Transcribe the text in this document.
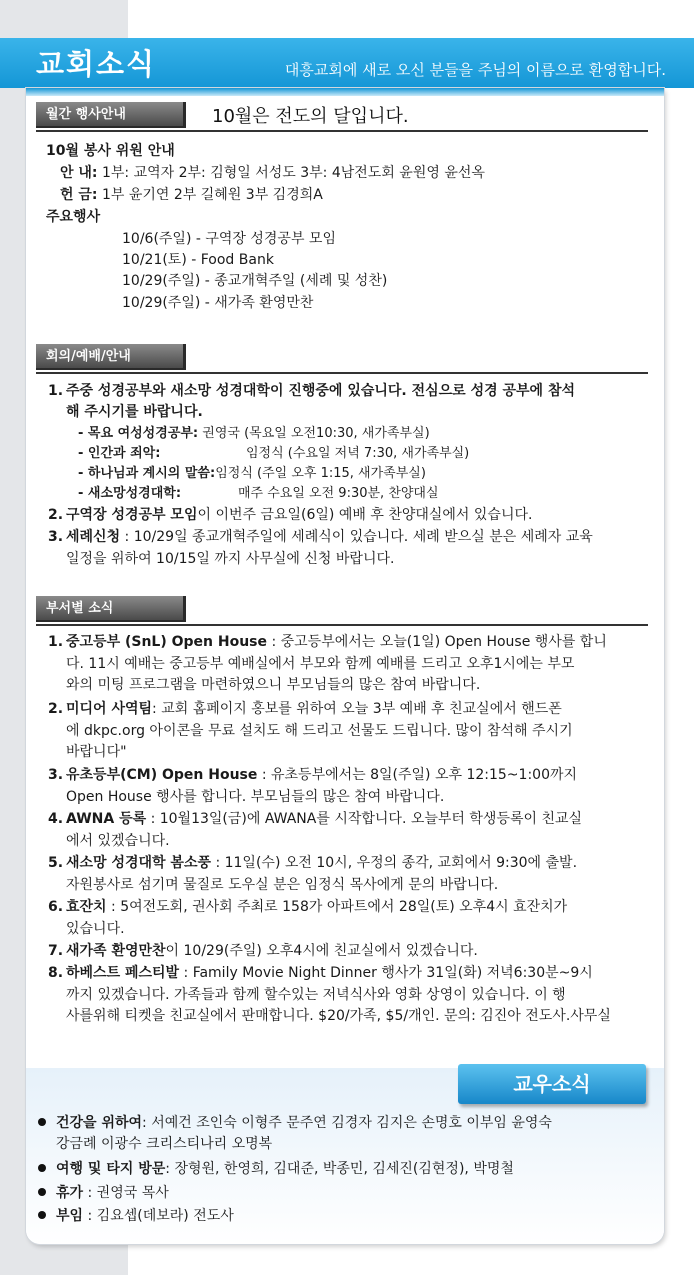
교회소식	대흥교회에 새로 오신 분들을 주님의 이름으로 환영합니다.
월간 행사안내	10월은 전도의 달입니다.
10월 봉사 위원 안내
안 내: 1부: 교역자 2부: 김형일 서성도 3부: 4남전도회 윤원영 윤선옥
헌 금: 1부 윤기연 2부 길혜원 3부 김경희A
주요행사
10/6(주일) - 구역장 성경공부 모임
10/21(토) - Food Bank
10/29(주일) - 종교개혁주일 (세례 및 성찬)
10/29(주일) - 새가족 환영만찬
회의/예배/안내
1. 주중 성경공부와 새소망 성경대학이 진행중에 있습니다. 전심으로 성경 공부에 참석
해 주시기를 바랍니다.
- 목요 여성성경공부: 권영국 (목요일 오전10:30, 새가족부실)
- 인간과 죄악:	임정식 (수요일 저녁 7:30, 새가족부실)
- 하나님과 계시의 말씀:임정식 (주일 오후 1:15, 새가족부실)
- 새소망성경대학:	매주 수요일 오전 9:30분, 찬양대실
2. 구역장 성경공부 모임이 이번주 금요일(6일) 예배 후 찬양대실에서 있습니다.
3. 세례신청 : 10/29일 종교개혁주일에 세례식이 있습니다. 세례 받으실 분은 세례자 교육
일정을 위하여 10/15일 까지 사무실에 신청 바랍니다.
부서별 소식
1. 중고등부 (SnL) Open House : 중고등부에서는 오늘(1일) Open House 행사를 합니
다. 11시 예배는 중고등부 예배실에서 부모와 함께 예배를 드리고 오후1시에는 부모
와의 미팅 프로그램을 마련하였으니 부모님들의 많은 참여 바랍니다.
2. 미디어 사역팀: 교회 홈페이지 홍보를 위하여 오늘 3부 예배 후 친교실에서 핸드폰
에 dkpc.org 아이콘을 무료 설치도 해 드리고 선물도 드립니다. 많이 참석해 주시기
바랍니다"
3. 유초등부(CM) Open House : 유초등부에서는 8일(주일) 오후 12:15~1:00까지
Open House 행사를 합니다. 부모님들의 많은 참여 바랍니다.
4. AWNA 등록 : 10월13일(금)에 AWANA를 시작합니다. 오늘부터 학생등록이 친교실
에서 있겠습니다.
5. 새소망 성경대학 봄소풍 : 11일(수) 오전 10시, 우정의 종각, 교회에서 9:30에 출발.
자원봉사로 섬기며 물질로 도우실 분은 임정식 목사에게 문의 바랍니다.
6. 효잔치 : 5여전도회, 권사회 주최로 158가 아파트에서 28일(토) 오후4시 효잔치가
있습니다.
7. 새가족 환영만찬이 10/29(주일) 오후4시에 친교실에서 있겠습니다.
8. 하베스트 페스티발 : Family Movie Night Dinner 행사가 31일(화) 저녁6:30분~9시
까지 있겠습니다. 가족들과 함께 할수있는 저녁식사와 영화 상영이 있습니다. 이 행
사를위해 티켓을 친교실에서 판매합니다. $20/가족, $5/개인. 문의: 김진아 전도사.사무실
교우소식
건강을 위하여: 서예건 조인숙 이형주 문주연 김경자 김지은 손명호 이부임 윤영숙
강금례 이광수 크리스티나리 오명복
여행 및 타지 방문: 장형원, 한영희, 김대준, 박종민, 김세진(김현정), 박명철
휴가 : 권영국 목사
부임 : 김요셉(데보라) 전도사
